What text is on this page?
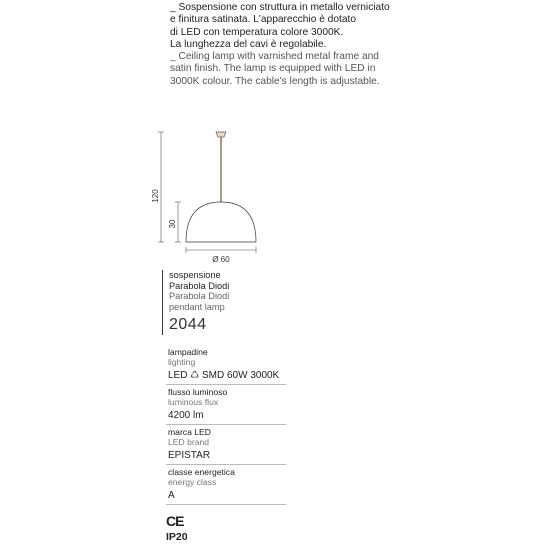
_ Sospensione con struttura in metallo verniciato
e finitura satinata. L'apparecchio è dotato
di LED con temperatura colore 3000K.
La lunghezza del cavi è regolabile.
_ Ceiling lamp with varnished metal frame and
satin finish. The lamp is equipped with LED in
3000K colour. The cable's length is adjustable.
120
30
Ø 60
sospensione
Parabola Diodi
Parabola Diodi
pendant lamp
2044
lampadine
lighting
LED ♺ SMD 60W 3000K
flusso luminoso
luminous flux
4200 lm
marca LED
LED brand
EPISTAR
classe energetica
energy class
A
CE
IP20
